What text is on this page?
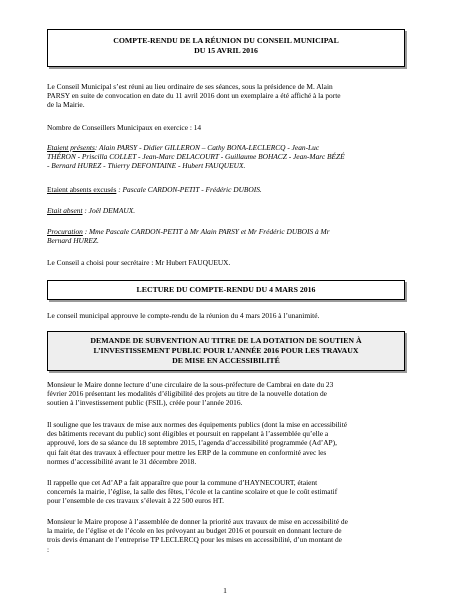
COMPTE-RENDU DE LA RÉUNION DU CONSEIL MUNICIPAL
DU 15 AVRIL 2016
Le Conseil Municipal s’est réuni au lieu ordinaire de ses séances, sous la présidence de M. Alain
PARSY en suite de convocation en date du 11 avril 2016 dont un exemplaire a été affiché à la porte
de la Mairie.
Nombre de Conseillers Municipaux en exercice : 14
Etaient présents: Alain PARSY - Didier GILLERON – Cathy BONA-LECLERCQ - Jean-Luc
THÉRON - Priscilla COLLET - Jean-Marc DELACOURT - Guillaume BOHACZ - Jean-Marc BÉZÉ
- Bernard HUREZ - Thierry DEFONTAINE - Hubert FAUQUEUX.
Etaient absents excusés : Pascale CARDON-PETIT - Frédéric DUBOIS.
Etait absent : Joël DEMAUX.
Procuration : Mme Pascale CARDON-PETIT à Mr Alain PARSY et Mr Frédéric DUBOIS à Mr
Bernard HUREZ.
Le Conseil a choisi pour secrétaire : Mr Hubert FAUQUEUX.
LECTURE DU COMPTE-RENDU DU 4 MARS 2016
Le conseil municipal approuve le compte-rendu de la réunion du 4 mars 2016 à l’unanimité.
DEMANDE DE SUBVENTION AU TITRE DE LA DOTATION DE SOUTIEN À
L’INVESTISSEMENT PUBLIC POUR L’ANNÉE 2016 POUR LES TRAVAUX
DE MISE EN ACCESSIBILITÉ
Monsieur le Maire donne lecture d’une circulaire de la sous-préfecture de Cambrai en date du 23
février 2016 présentant les modalités d’éligibilité des projets au titre de la nouvelle dotation de
soutien à l’investissement public (FSIL), créée pour l’année 2016.
Il souligne que les travaux de mise aux normes des équipements publics (dont la mise en accessibilité
des bâtiments recevant du public) sont éligibles et poursuit en rappelant à l’assemblée qu’elle a
approuvé, lors de sa séance du 18 septembre 2015, l’agenda d’accessibilité programmée (Ad’AP),
qui fait état des travaux à effectuer pour mettre les ERP de la commune en conformité avec les
normes d’accessibilité avant le 31 décembre 2018.
Il rappelle que cet Ad’AP a fait apparaître que pour la commune d’HAYNECOURT, étaient
concernés la mairie, l’église, la salle des fêtes, l’école et la cantine scolaire et que le coût estimatif
pour l’ensemble de ces travaux s’élevait à 22 500 euros HT.
Monsieur le Maire propose à l’assemblée de donner la priorité aux travaux de mise en accessibilité de
la mairie, de l’église et de l’école en les prévoyant au budget 2016 et poursuit en donnant lecture de
trois devis émanant de l’entreprise TP LECLERCQ pour les mises en accessibilité, d’un montant de
:
1
